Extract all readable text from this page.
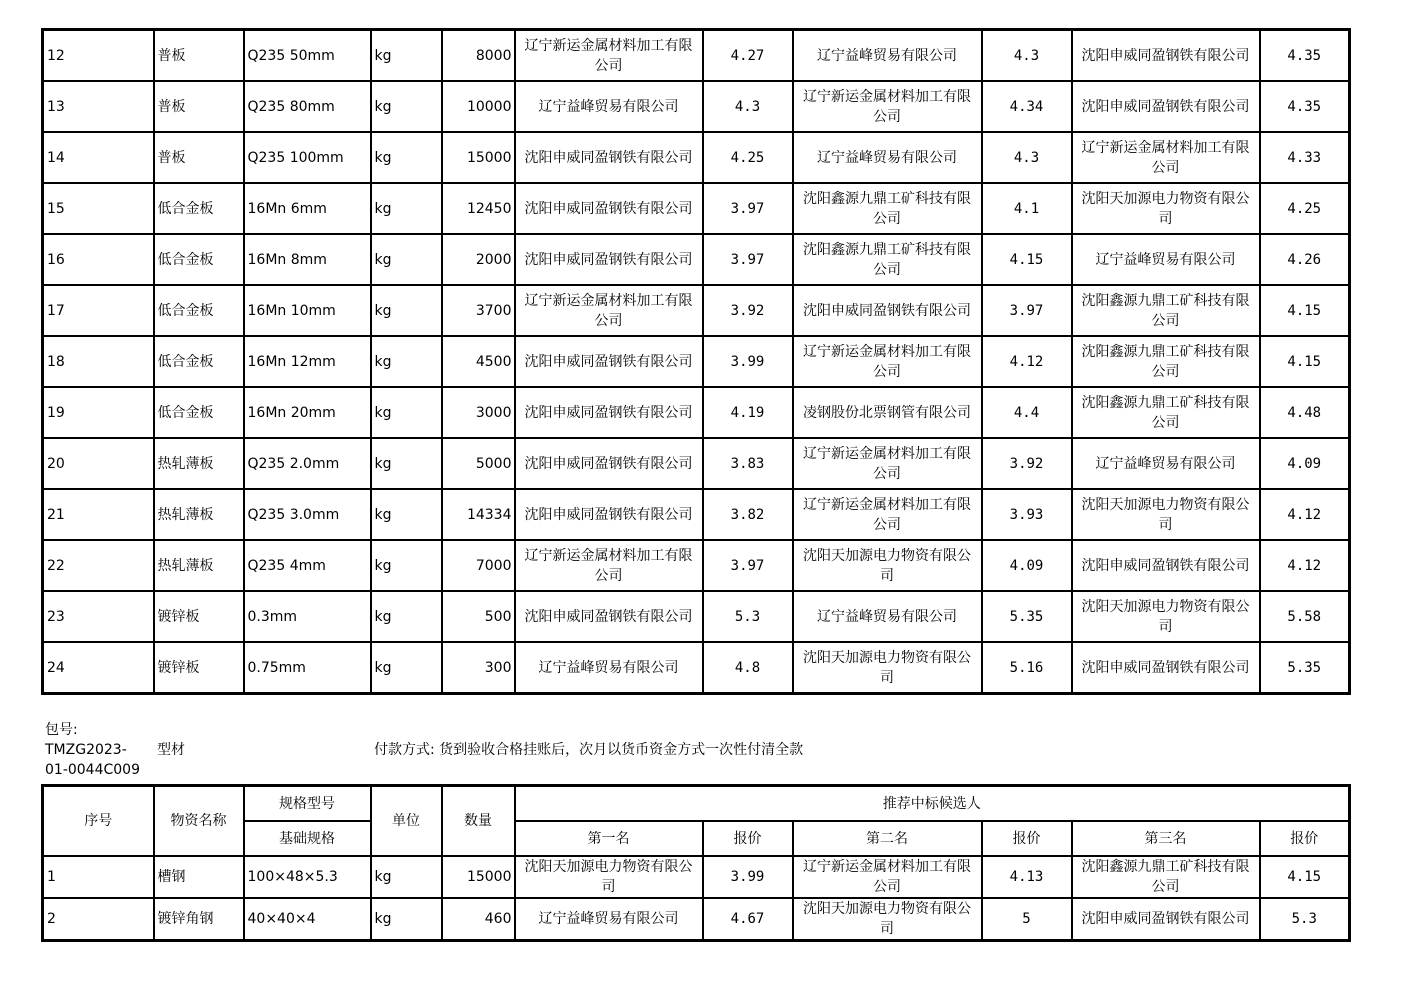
12	普板	Q235 50mm	kg	8000	辽宁新运金属材料加工有限公司	4.27	辽宁益峰贸易有限公司	4.3	沈阳申威同盈钢铁有限公司	4.35
13	普板	Q235 80mm	kg	10000	辽宁益峰贸易有限公司	4.3	辽宁新运金属材料加工有限公司	4.34	沈阳申威同盈钢铁有限公司	4.35
14	普板	Q235 100mm	kg	15000	沈阳申威同盈钢铁有限公司	4.25	辽宁益峰贸易有限公司	4.3	辽宁新运金属材料加工有限公司	4.33
15	低合金板	16Mn 6mm	kg	12450	沈阳申威同盈钢铁有限公司	3.97	沈阳鑫源九鼎工矿科技有限公司	4.1	沈阳天加源电力物资有限公司	4.25
16	低合金板	16Mn 8mm	kg	2000	沈阳申威同盈钢铁有限公司	3.97	沈阳鑫源九鼎工矿科技有限公司	4.15	辽宁益峰贸易有限公司	4.26
17	低合金板	16Mn 10mm	kg	3700	辽宁新运金属材料加工有限公司	3.92	沈阳申威同盈钢铁有限公司	3.97	沈阳鑫源九鼎工矿科技有限公司	4.15
18	低合金板	16Mn 12mm	kg	4500	沈阳申威同盈钢铁有限公司	3.99	辽宁新运金属材料加工有限公司	4.12	沈阳鑫源九鼎工矿科技有限公司	4.15
19	低合金板	16Mn 20mm	kg	3000	沈阳申威同盈钢铁有限公司	4.19	凌钢股份北票钢管有限公司	4.4	沈阳鑫源九鼎工矿科技有限公司	4.48
20	热轧薄板	Q235 2.0mm	kg	5000	沈阳申威同盈钢铁有限公司	3.83	辽宁新运金属材料加工有限公司	3.92	辽宁益峰贸易有限公司	4.09
21	热轧薄板	Q235 3.0mm	kg	14334	沈阳申威同盈钢铁有限公司	3.82	辽宁新运金属材料加工有限公司	3.93	沈阳天加源电力物资有限公司	4.12
22	热轧薄板	Q235 4mm	kg	7000	辽宁新运金属材料加工有限公司	3.97	沈阳天加源电力物资有限公司	4.09	沈阳申威同盈钢铁有限公司	4.12
23	镀锌板	0.3mm	kg	500	沈阳申威同盈钢铁有限公司	5.3	辽宁益峰贸易有限公司	5.35	沈阳天加源电力物资有限公司	5.58
24	镀锌板	0.75mm	kg	300	辽宁益峰贸易有限公司	4.8	沈阳天加源电力物资有限公司	5.16	沈阳申威同盈钢铁有限公司	5.35
包号:
TMZG2023-
01-0044C009
型材	付款方式: 货到验收合格挂账后，次月以货币资金方式一次性付清全款
序号	物资名称	规格型号	单位	数量	推荐中标候选人					
		基础规格			第一名	报价	第二名	报价	第三名	报价
1	槽钢	100×48×5.3	kg	15000	沈阳天加源电力物资有限公司	3.99	辽宁新运金属材料加工有限公司	4.13	沈阳鑫源九鼎工矿科技有限公司	4.15
2	镀锌角钢	40×40×4	kg	460	辽宁益峰贸易有限公司	4.67	沈阳天加源电力物资有限公司	5	沈阳申威同盈钢铁有限公司	5.3
